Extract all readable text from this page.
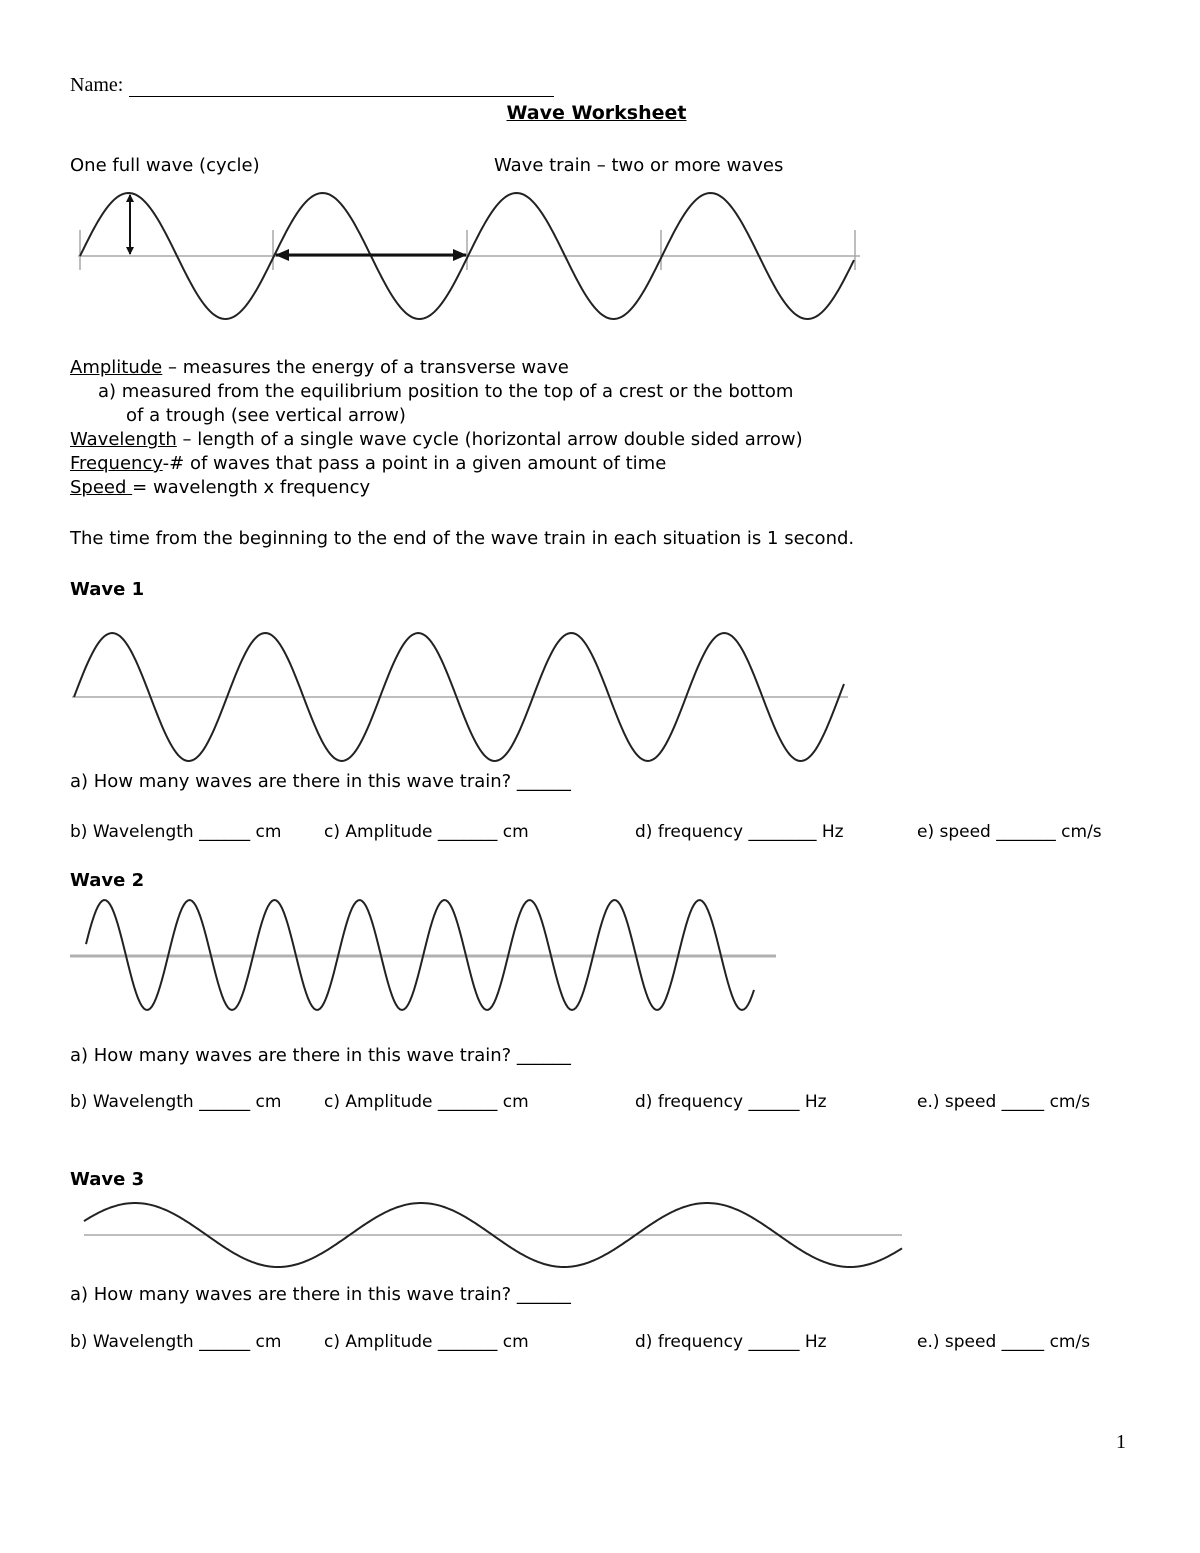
Name:
Wave Worksheet
One full wave (cycle)	Wave train – two or more waves
Amplitude – measures the energy of a transverse wave
a) measured from the equilibrium position to the top of a crest or the bottom
of a trough (see vertical arrow)
Wavelength – length of a single wave cycle (horizontal arrow double sided arrow)
Frequency-# of waves that pass a point in a given amount of time
Speed = wavelength x frequency
The time from the beginning to the end of the wave train in each situation is 1 second.
Wave 1
a) How many waves are there in this wave train? ______
b) Wavelength ______ cm	c) Amplitude _______ cm	d) frequency ________ Hz	e) speed _______ cm/s
Wave 2
a) How many waves are there in this wave train? ______
b) Wavelength ______ cm	c) Amplitude _______ cm	d) frequency ______ Hz	e.) speed _____ cm/s
Wave 3
a) How many waves are there in this wave train? ______
b) Wavelength ______ cm	c) Amplitude _______ cm	d) frequency ______ Hz	e.) speed _____ cm/s
1
